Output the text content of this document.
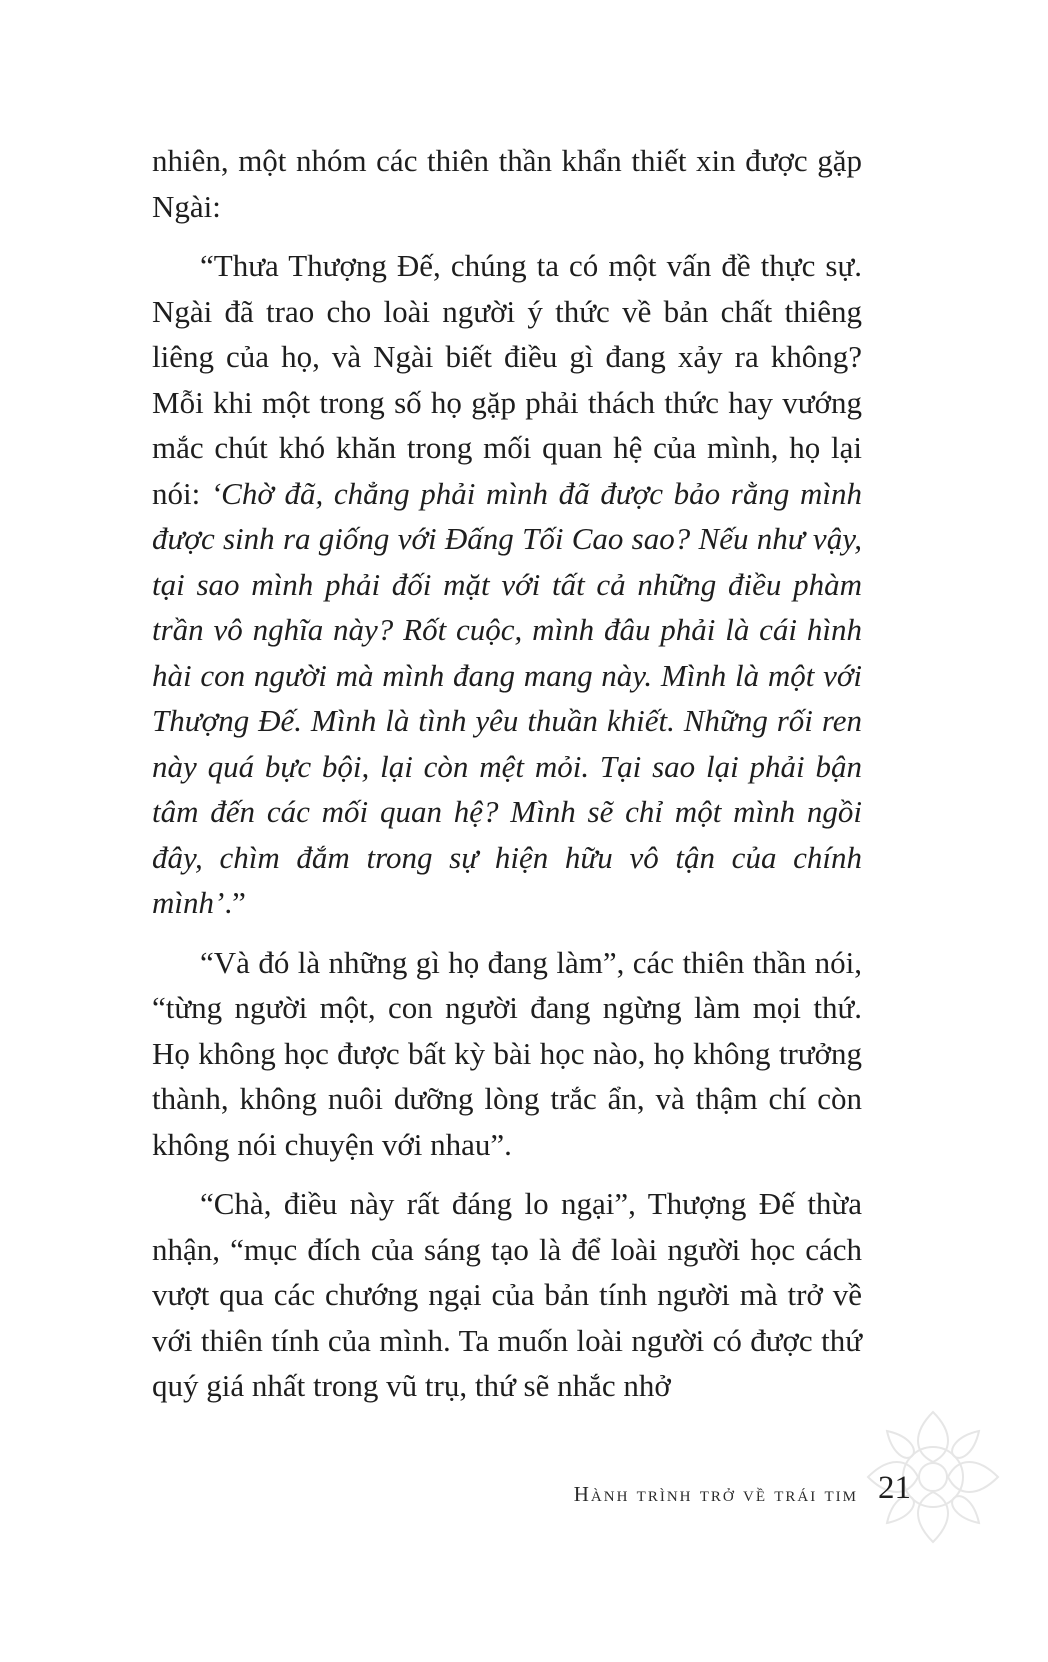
nhiên, một nhóm các thiên thần khẩn thiết xin được gặp Ngài:

“Thưa Thượng Đế, chúng ta có một vấn đề thực sự. Ngài đã trao cho loài người ý thức về bản chất thiêng liêng của họ, và Ngài biết điều gì đang xảy ra không? Mỗi khi một trong số họ gặp phải thách thức hay vướng mắc chút khó khăn trong mối quan hệ của mình, họ lại nói: ‘Chờ đã, chẳng phải mình đã được bảo rằng mình được sinh ra giống với Đấng Tối Cao sao? Nếu như vậy, tại sao mình phải đối mặt với tất cả những điều phàm trần vô nghĩa này? Rốt cuộc, mình đâu phải là cái hình hài con người mà mình đang mang này. Mình là một với Thượng Đế. Mình là tình yêu thuần khiết. Những rối ren này quá bực bội, lại còn mệt mỏi. Tại sao lại phải bận tâm đến các mối quan hệ? Mình sẽ chỉ một mình ngồi đây, chìm đắm trong sự hiện hữu vô tận của chính mình’.”

“Và đó là những gì họ đang làm”, các thiên thần nói, “từng người một, con người đang ngừng làm mọi thứ. Họ không học được bất kỳ bài học nào, họ không trưởng thành, không nuôi dưỡng lòng trắc ẩn, và thậm chí còn không nói chuyện với nhau”.

“Chà, điều này rất đáng lo ngại”, Thượng Đế thừa nhận, “mục đích của sáng tạo là để loài người học cách vượt qua các chướng ngại của bản tính người mà trở về với thiên tính của mình. Ta muốn loài người có được thứ quý giá nhất trong vũ trụ, thứ sẽ nhắc nhở

Hành trình trở về trái tim 21
